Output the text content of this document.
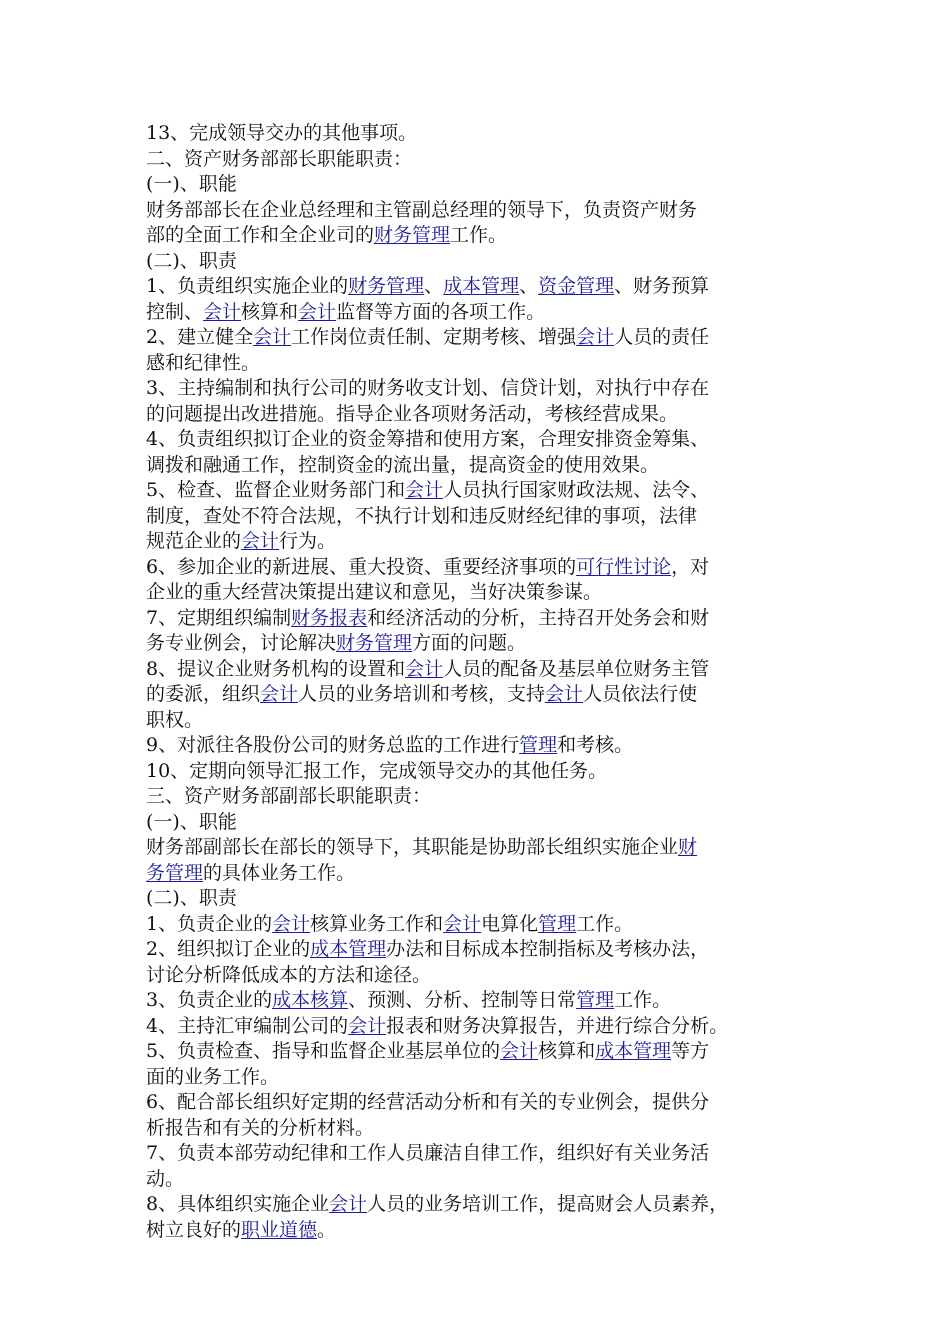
13、完成领导交办的其他事项。

二、资产财务部部长职能职责：

(一)、职能

财务部部长在企业总经理和主管副总经理的领导下，负责资产财务

部的全面工作和全企业司的财务管理工作。

(二)、职责

1、负责组织实施企业的财务管理、成本管理、资金管理、财务预算

控制、会计核算和会计监督等方面的各项工作。

2、建立健全会计工作岗位责任制、定期考核、增强会计人员的责任

感和纪律性。

3、主持编制和执行公司的财务收支计划、信贷计划，对执行中存在

的问题提出改进措施。指导企业各项财务活动，考核经营成果。

4、负责组织拟订企业的资金筹措和使用方案，合理安排资金筹集、

调拨和融通工作，控制资金的流出量，提高资金的使用效果。

5、检查、监督企业财务部门和会计人员执行国家财政法规、法令、

制度，查处不符合法规，不执行计划和违反财经纪律的事项，法律

规范企业的会计行为。

6、参加企业的新进展、重大投资、重要经济事项的可行性讨论，对

企业的重大经营决策提出建议和意见，当好决策参谋。

7、定期组织编制财务报表和经济活动的分析，主持召开处务会和财

务专业例会，讨论解决财务管理方面的问题。

8、提议企业财务机构的设置和会计人员的配备及基层单位财务主管

的委派，组织会计人员的业务培训和考核，支持会计人员依法行使

职权。

9、对派往各股份公司的财务总监的工作进行管理和考核。

10、定期向领导汇报工作，完成领导交办的其他任务。

三、资产财务部副部长职能职责：

(一)、职能

财务部副部长在部长的领导下，其职能是协助部长组织实施企业财

务管理的具体业务工作。

(二)、职责

1、负责企业的会计核算业务工作和会计电算化管理工作。

2、组织拟订企业的成本管理办法和目标成本控制指标及考核办法，

讨论分析降低成本的方法和途径。

3、负责企业的成本核算、预测、分析、控制等日常管理工作。

4、主持汇审编制公司的会计报表和财务决算报告，并进行综合分析。

5、负责检查、指导和监督企业基层单位的会计核算和成本管理等方

面的业务工作。

6、配合部长组织好定期的经营活动分析和有关的专业例会，提供分

析报告和有关的分析材料。

7、负责本部劳动纪律和工作人员廉洁自律工作，组织好有关业务活

动。

8、具体组织实施企业会计人员的业务培训工作，提高财会人员素养，

树立良好的职业道德。
